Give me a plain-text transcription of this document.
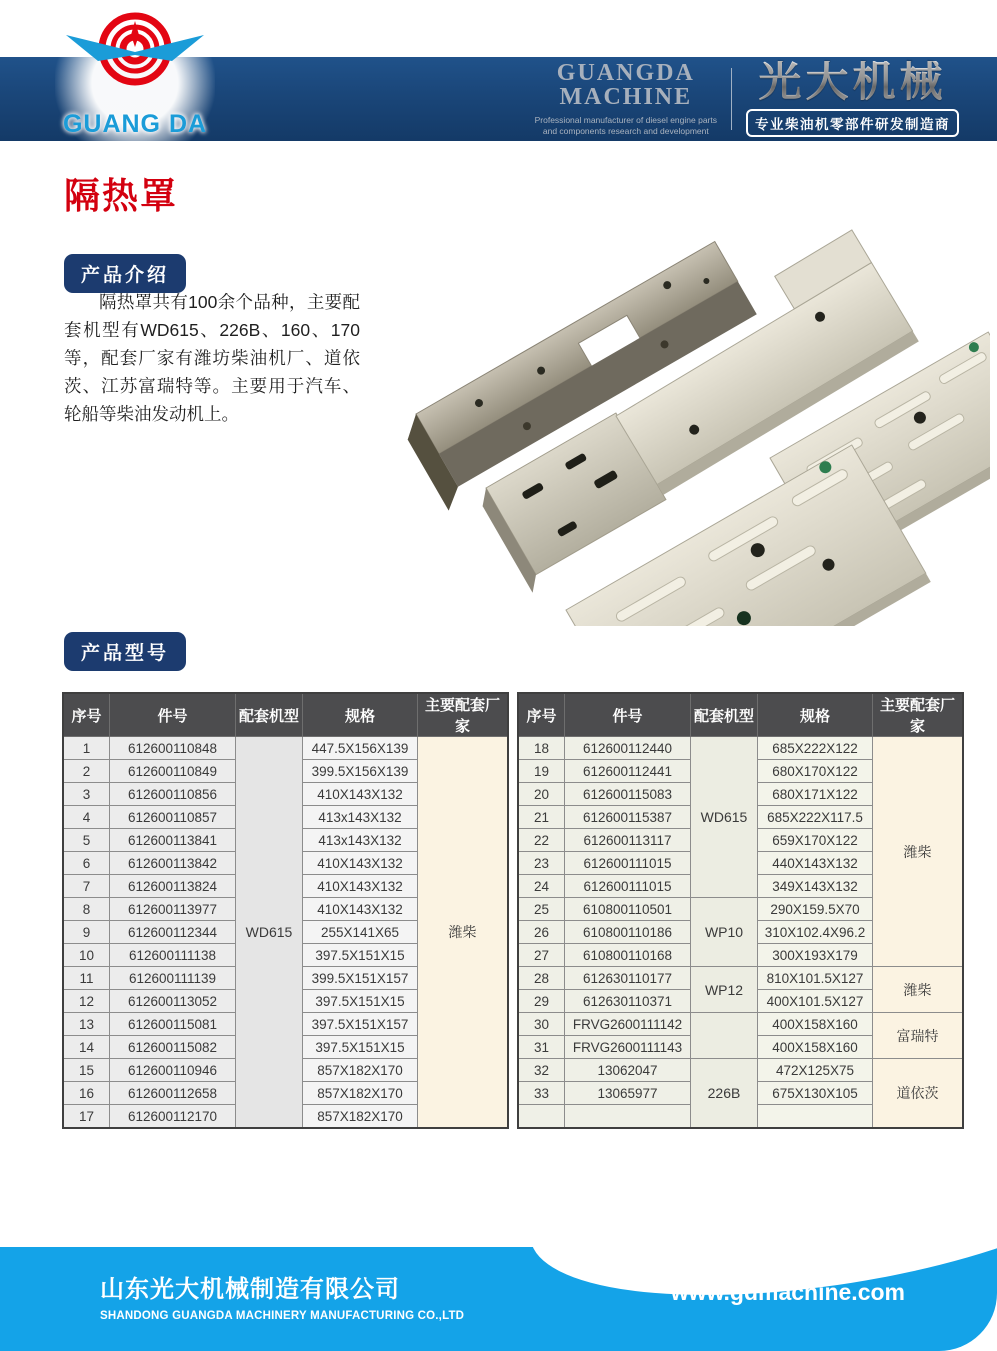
GUANG DA
GUANGDA
MACHINE
Professional manufacturer of diesel engine parts
and components research and development
光大机械
专业柴油机零部件研发制造商
隔热罩
产品介绍

隔热罩共有100余个品种，主要配套机型有WD615、226B、160、170等，配套厂家有潍坊柴油机厂、道依茨、江苏富瑞特等。主要用于汽车、轮船等柴油发动机上。

产品型号
序号	件号	配套机型	规格	主要配套厂家
1	612600110848	WD615	447.5X156X139	潍柴
2	612600110849		399.5X156X139	
3	612600110856		410X143X132	
4	612600110857		413x143X132	
5	612600113841		413x143X132	
6	612600113842		410X143X132	
7	612600113824		410X143X132	
8	612600113977		410X143X132	
9	612600112344		255X141X65	
10	612600111138		397.5X151X15	
11	612600111139		399.5X151X157	
12	612600113052		397.5X151X15	
13	612600115081		397.5X151X157	
14	612600115082		397.5X151X15	
15	612600110946		857X182X170	
16	612600112658		857X182X170	
17	612600112170		857X182X170	
序号	件号	配套机型	规格	主要配套厂家
18	612600112440	WD615	685X222X122	潍柴
19	612600112441		680X170X122	
20	612600115083		680X171X122	
21	612600115387		685X222X117.5	
22	612600113117		659X170X122	
23	612600111015		440X143X132	
24	612600111015		349X143X132	
25	610800110501	WP10	290X159.5X70	
26	610800110186		310X102.4X96.2	
27	610800110168		300X193X179	
28	612630110177	WP12	810X101.5X127	潍柴
29	612630110371		400X101.5X127	
30	FRVG2600111142		400X158X160	富瑞特
31	FRVG2600111143		400X158X160	
32	13062047	226B	472X125X75	道依茨
33	13065977		675X130X105	

山东光大机械制造有限公司
SHANDONG GUANGDA MACHINERY MANUFACTURING CO.,LTD
www.gdmachine.com
